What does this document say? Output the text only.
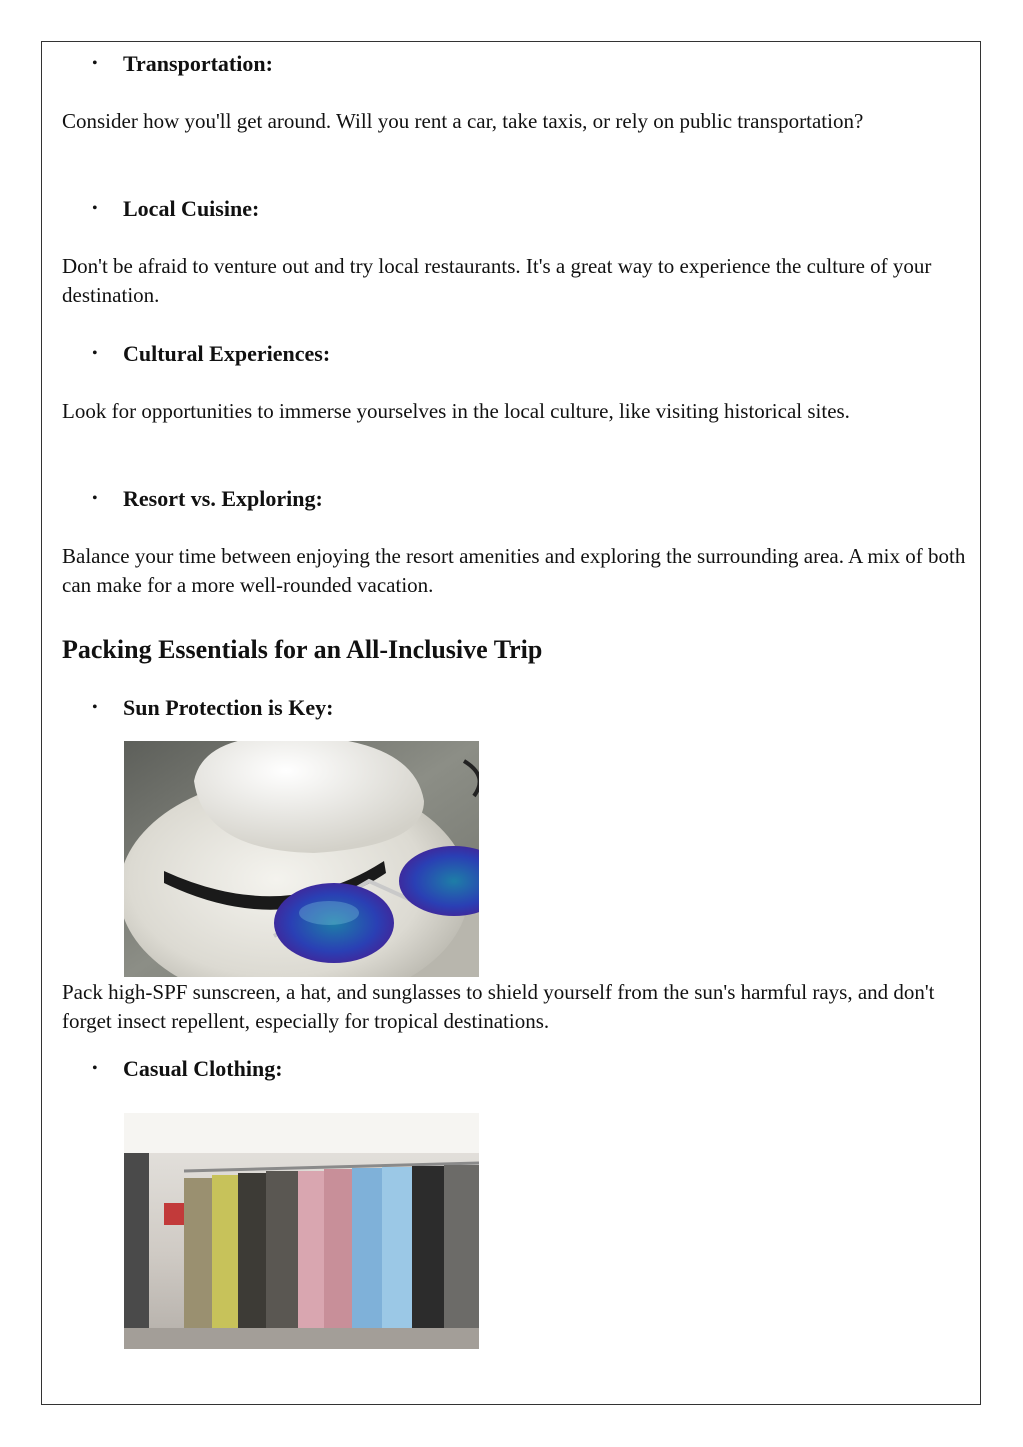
• Transportation:

Consider how you'll get around. Will you rent a car, take taxis, or rely on public transportation?

• Local Cuisine:

Don't be afraid to venture out and try local restaurants. It's a great way to experience the culture of your destination.

• Cultural Experiences:

Look for opportunities to immerse yourselves in the local culture, like visiting historical sites.

• Resort vs. Exploring:

Balance your time between enjoying the resort amenities and exploring the surrounding area. A mix of both can make for a more well-rounded vacation.

Packing Essentials for an All-Inclusive Trip
• Sun Protection is Key:

Pack high-SPF sunscreen, a hat, and sunglasses to shield yourself from the sun's harmful rays, and don't forget insect repellent, especially for tropical destinations.

• Casual Clothing:
